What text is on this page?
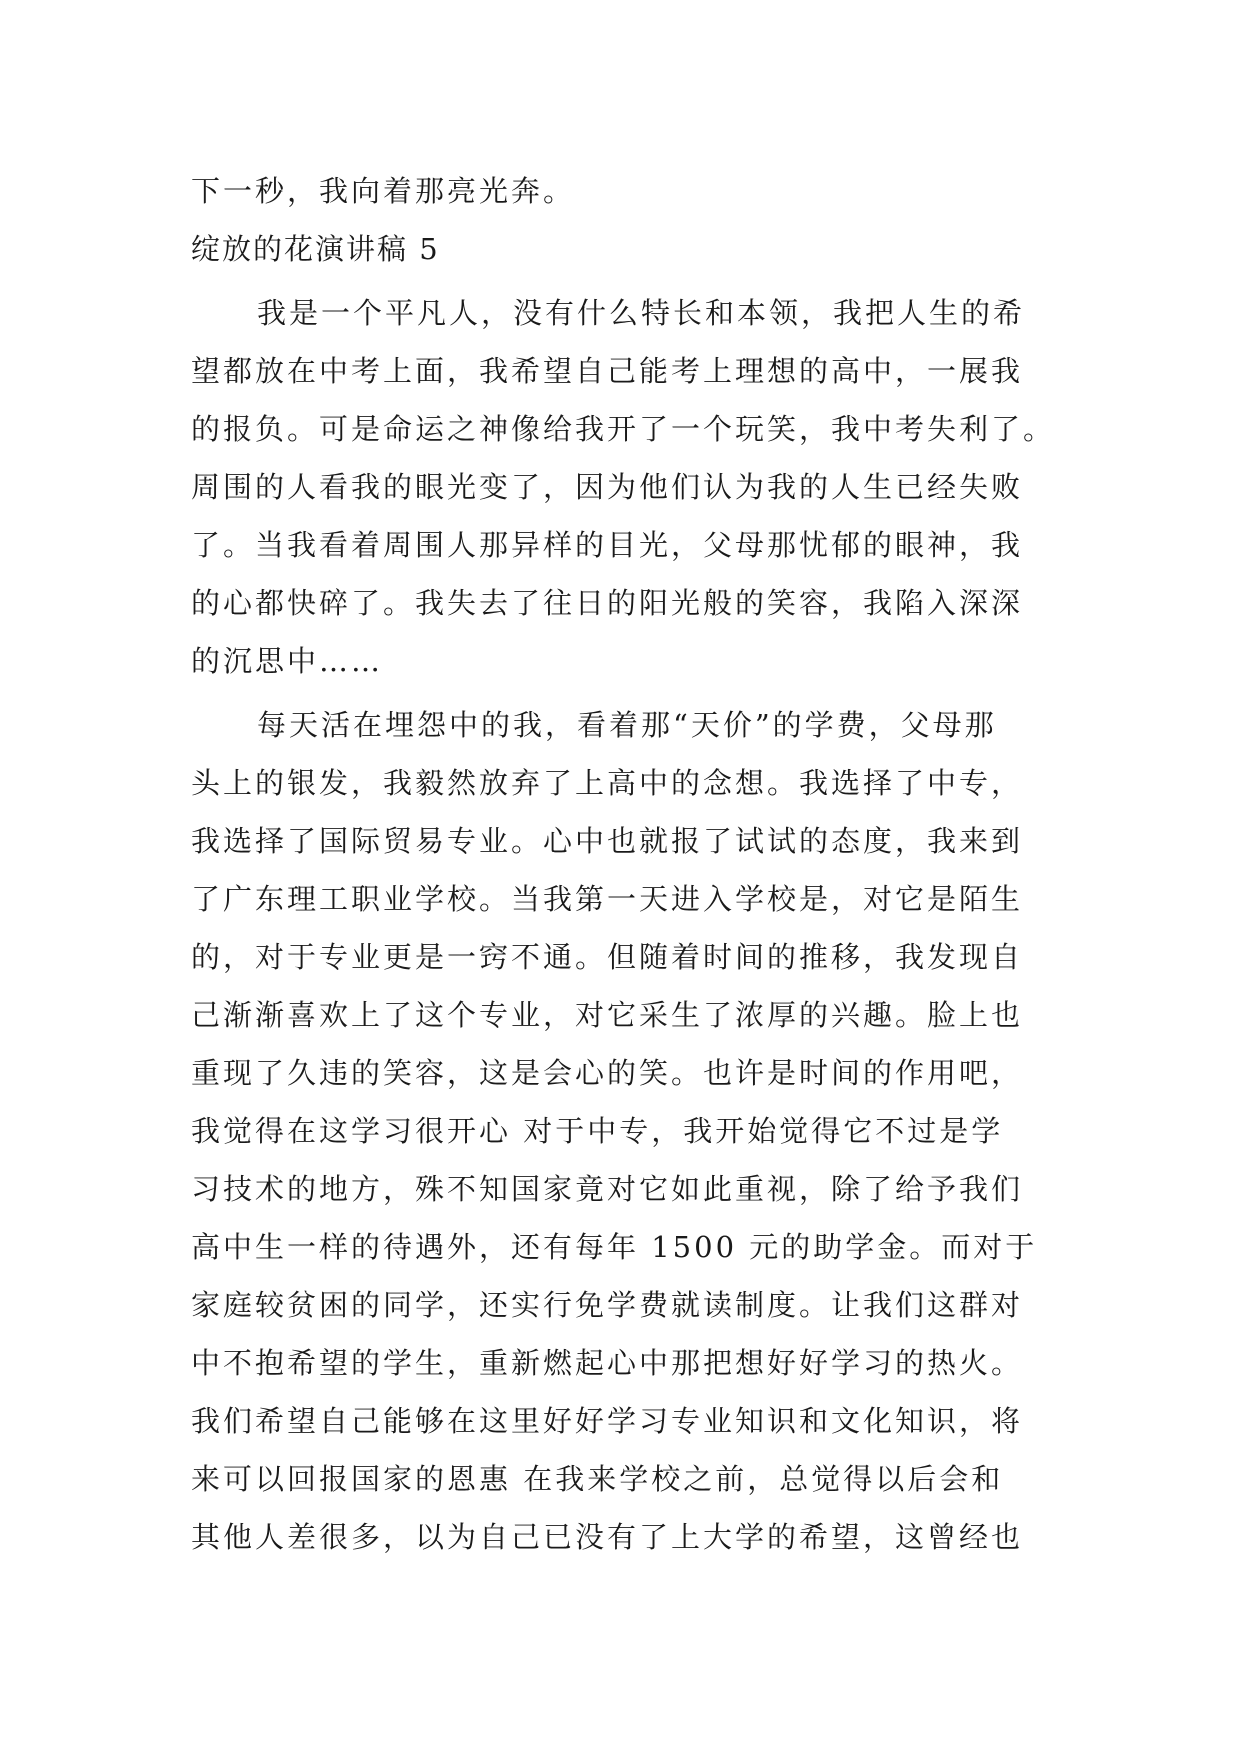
下一秒，我向着那亮光奔。
绽放的花演讲稿 5
我是一个平凡人，没有什么特长和本领，我把人生的希
望都放在中考上面，我希望自己能考上理想的高中，一展我
的报负。可是命运之神像给我开了一个玩笑，我中考失利了。
周围的人看我的眼光变了，因为他们认为我的人生已经失败
了。当我看着周围人那异样的目光，父母那忧郁的眼神，我
的心都快碎了。我失去了往日的阳光般的笑容，我陷入深深
的沉思中……
每天活在埋怨中的我，看着那“天价”的学费，父母那
头上的银发，我毅然放弃了上高中的念想。我选择了中专，
我选择了国际贸易专业。心中也就报了试试的态度，我来到
了广东理工职业学校。当我第一天进入学校是，对它是陌生
的，对于专业更是一窍不通。但随着时间的推移，我发现自
己渐渐喜欢上了这个专业，对它采生了浓厚的兴趣。脸上也
重现了久违的笑容，这是会心的笑。也许是时间的作用吧，
我觉得在这学习很开心 对于中专，我开始觉得它不过是学
习技术的地方，殊不知国家竟对它如此重视，除了给予我们
高中生一样的待遇外，还有每年 1500 元的助学金。而对于
家庭较贫困的同学，还实行免学费就读制度。让我们这群对
中不抱希望的学生，重新燃起心中那把想好好学习的热火。
我们希望自己能够在这里好好学习专业知识和文化知识，将
来可以回报国家的恩惠 在我来学校之前，总觉得以后会和
其他人差很多，以为自己已没有了上大学的希望，这曾经也
